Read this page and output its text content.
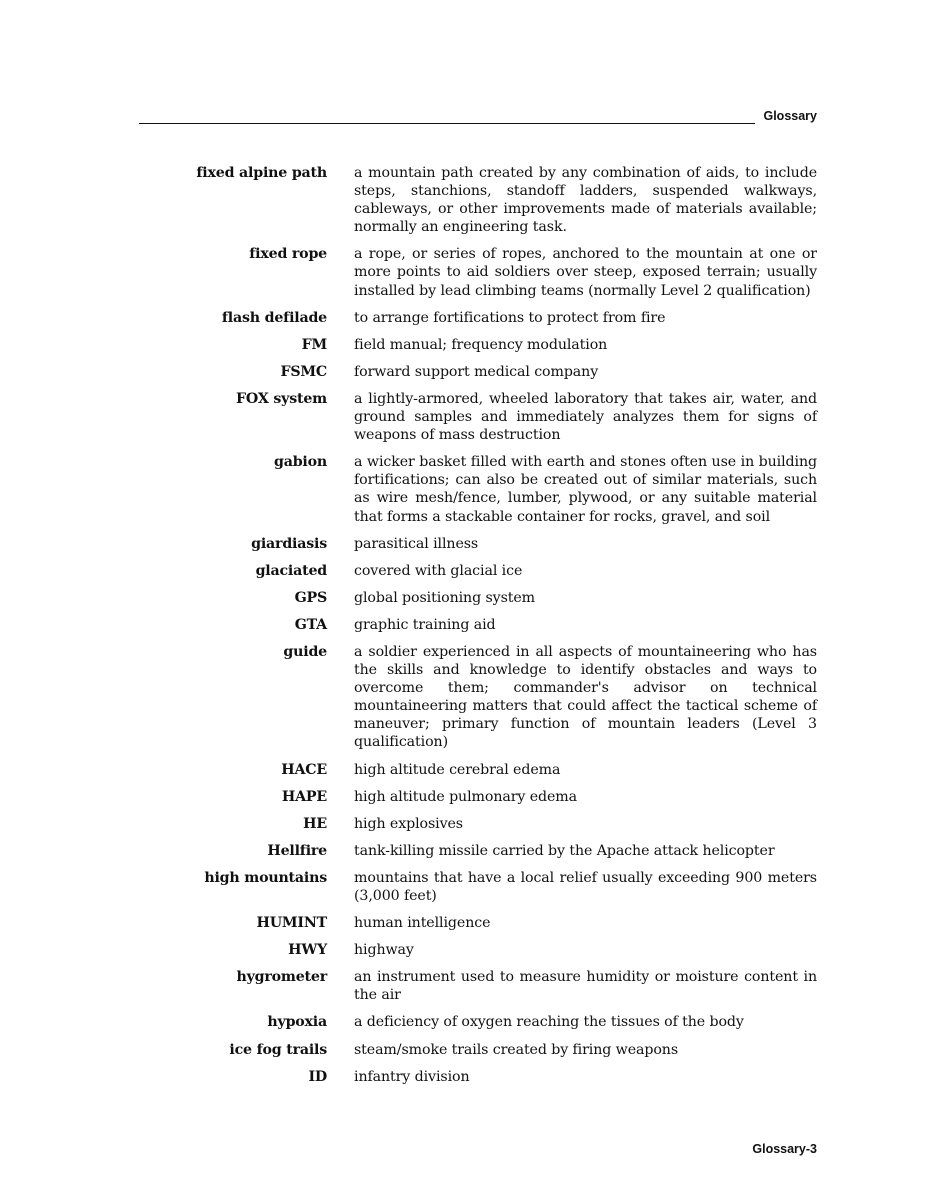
Glossary
fixed alpine path a mountain path created by any combination of aids, to include steps, stanchions, standoff ladders, suspended walkways, cableways, or other improvements made of materials available; normally an engineering task.
fixed rope a rope, or series of ropes, anchored to the mountain at one or more points to aid soldiers over steep, exposed terrain; usually installed by lead climbing teams (normally Level 2 qualification)
flash defilade to arrange fortifications to protect from fire
FM field manual; frequency modulation
FSMC forward support medical company
FOX system a lightly-armored, wheeled laboratory that takes air, water, and ground samples and immediately analyzes them for signs of weapons of mass destruction
gabion a wicker basket filled with earth and stones often use in building fortifications; can also be created out of similar materials, such as wire mesh/fence, lumber, plywood, or any suitable material that forms a stackable container for rocks, gravel, and soil
giardiasis parasitical illness
glaciated covered with glacial ice
GPS global positioning system
GTA graphic training aid
guide a soldier experienced in all aspects of mountaineering who has the skills and knowledge to identify obstacles and ways to overcome them; commander's advisor on technical mountaineering matters that could affect the tactical scheme of maneuver; primary function of mountain leaders (Level 3 qualification)
HACE high altitude cerebral edema
HAPE high altitude pulmonary edema
HE high explosives
Hellfire tank-killing missile carried by the Apache attack helicopter
high mountains mountains that have a local relief usually exceeding 900 meters (3,000 feet)
HUMINT human intelligence
HWY highway
hygrometer an instrument used to measure humidity or moisture content in the air
hypoxia a deficiency of oxygen reaching the tissues of the body
ice fog trails steam/smoke trails created by firing weapons
ID infantry division
Glossary-3
